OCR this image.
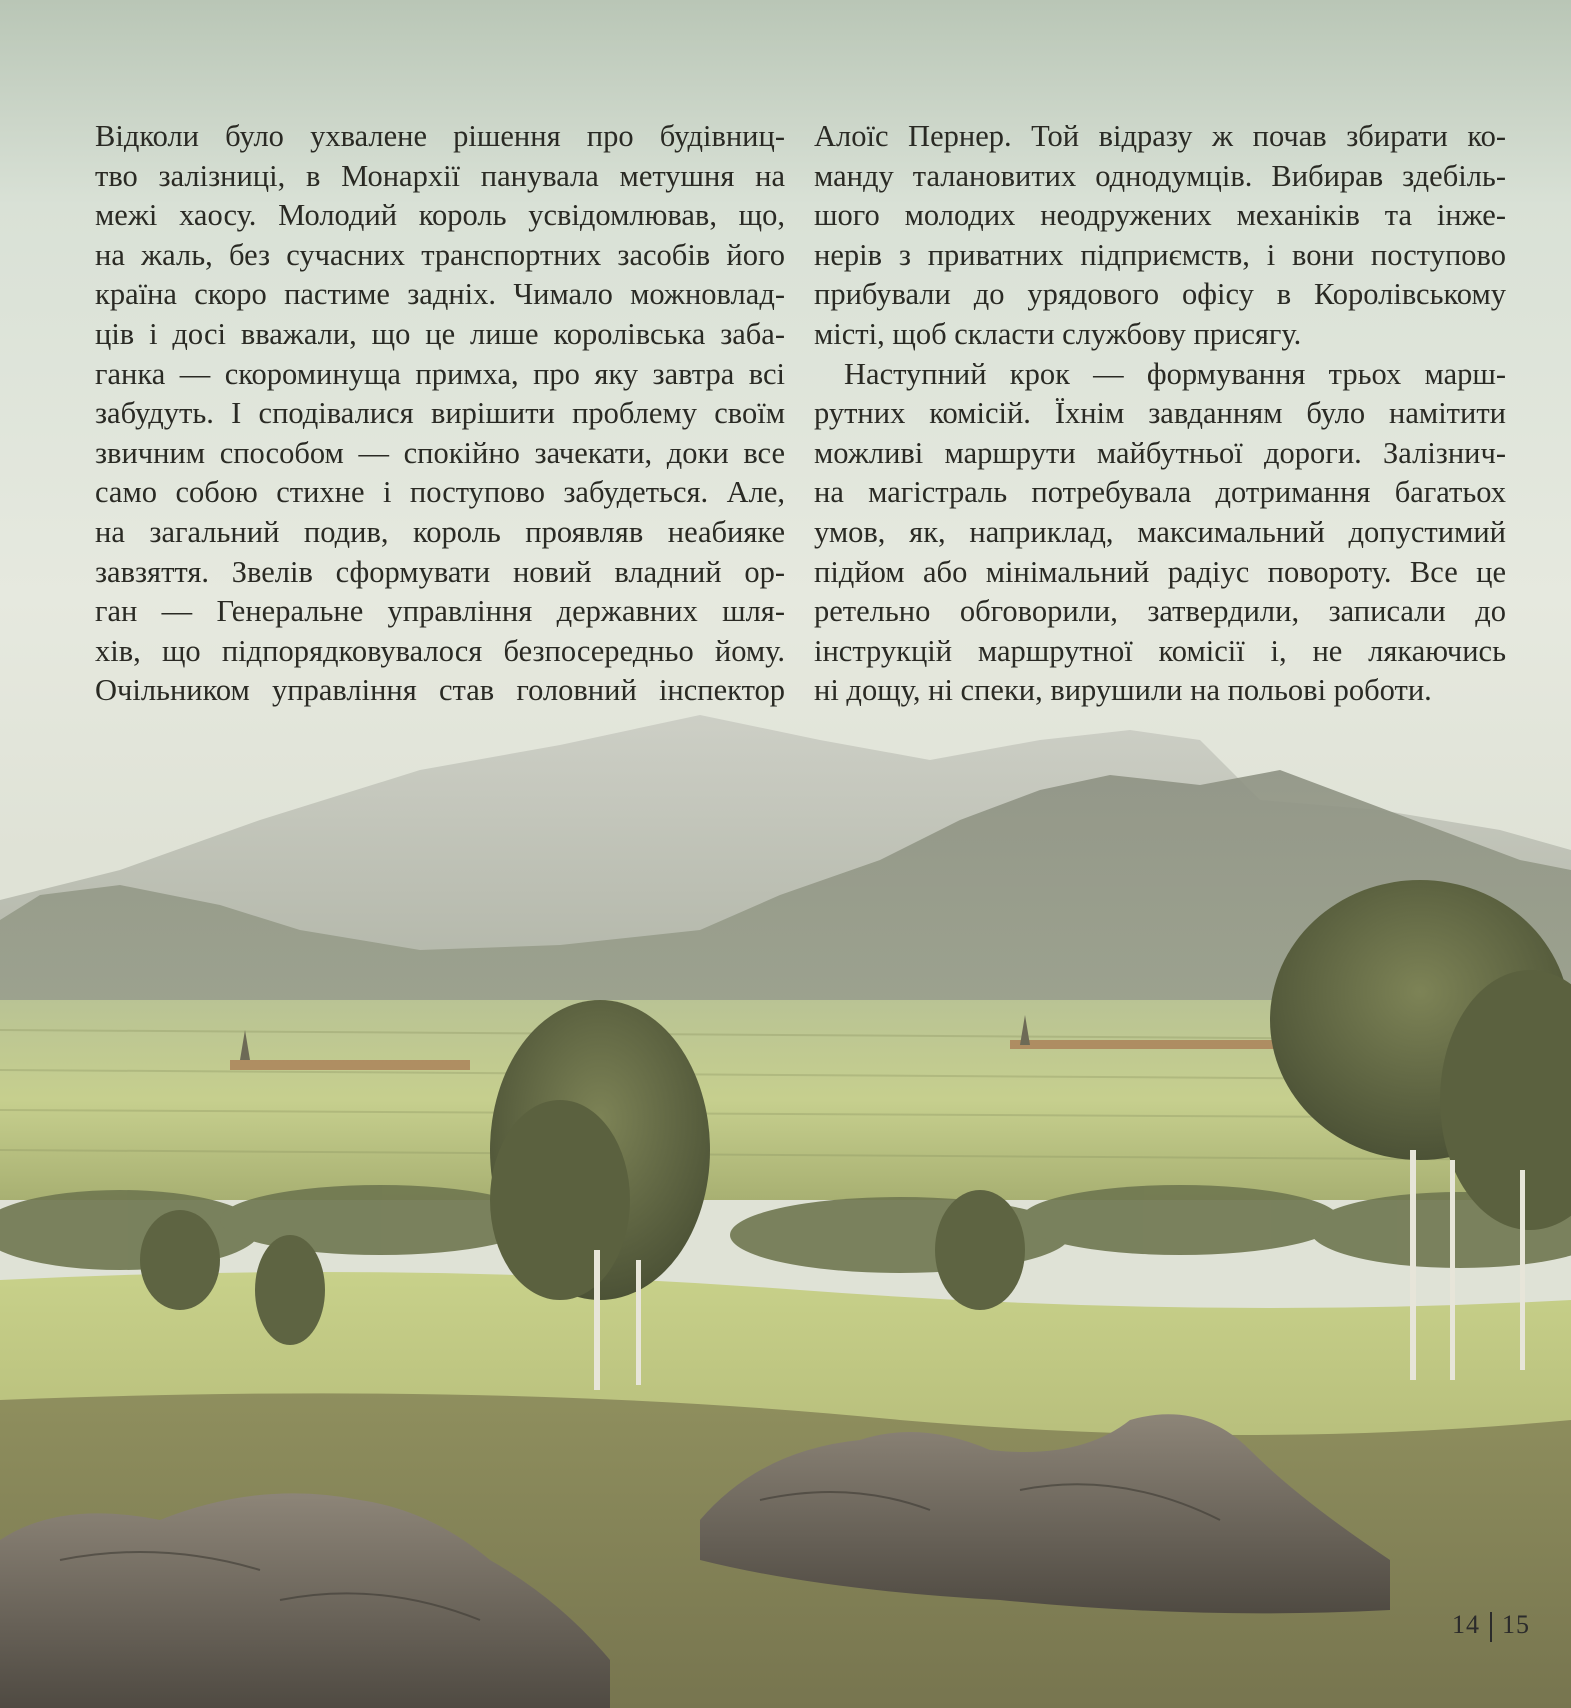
Відколи було ухвалене рішення про будівниц-
тво залізниці, в Монархії панувала метушня на
межі хаосу. Молодий король усвідомлював, що,
на жаль, без сучасних транспортних засобів його
країна скоро пастиме задніх. Чимало можновлад-
ців і досі вважали, що це лише королівська заба-
ганка — скороминуща примха, про яку завтра всі
забудуть. І сподівалися вирішити проблему своїм
звичним способом — спокійно зачекати, доки все
само собою стихне і поступово забудеться. Але,
на загальний подив, король проявляв неабияке
завзяття. Звелів сформувати новий владний ор-
ган — Генеральне управління державних шля-
хів, що підпорядковувалося безпосередньо йому.
Очільником управління став головний інспектор

Алоїс Пернер. Той відразу ж почав збирати ко-
манду талановитих однодумців. Вибирав здебіль-
шого молодих неодружених механіків та інже-
нерів з приватних підприємств, і вони поступово
прибували до урядового офісу в Королівському
місті, щоб скласти службову присягу.

Наступний крок — формування трьох марш-
рутних комісій. Їхнім завданням було намітити
можливі маршрути майбутньої дороги. Залізнич-
на магістраль потребувала дотримання багатьох
умов, як, наприклад, максимальний допустимий
підйом або мінімальний радіус повороту. Все це
ретельно обговорили, затвердили, записали до
інструкцій маршрутної комісії і, не лякаючись
ні дощу, ні спеки, вирушили на польові роботи.

14 15
